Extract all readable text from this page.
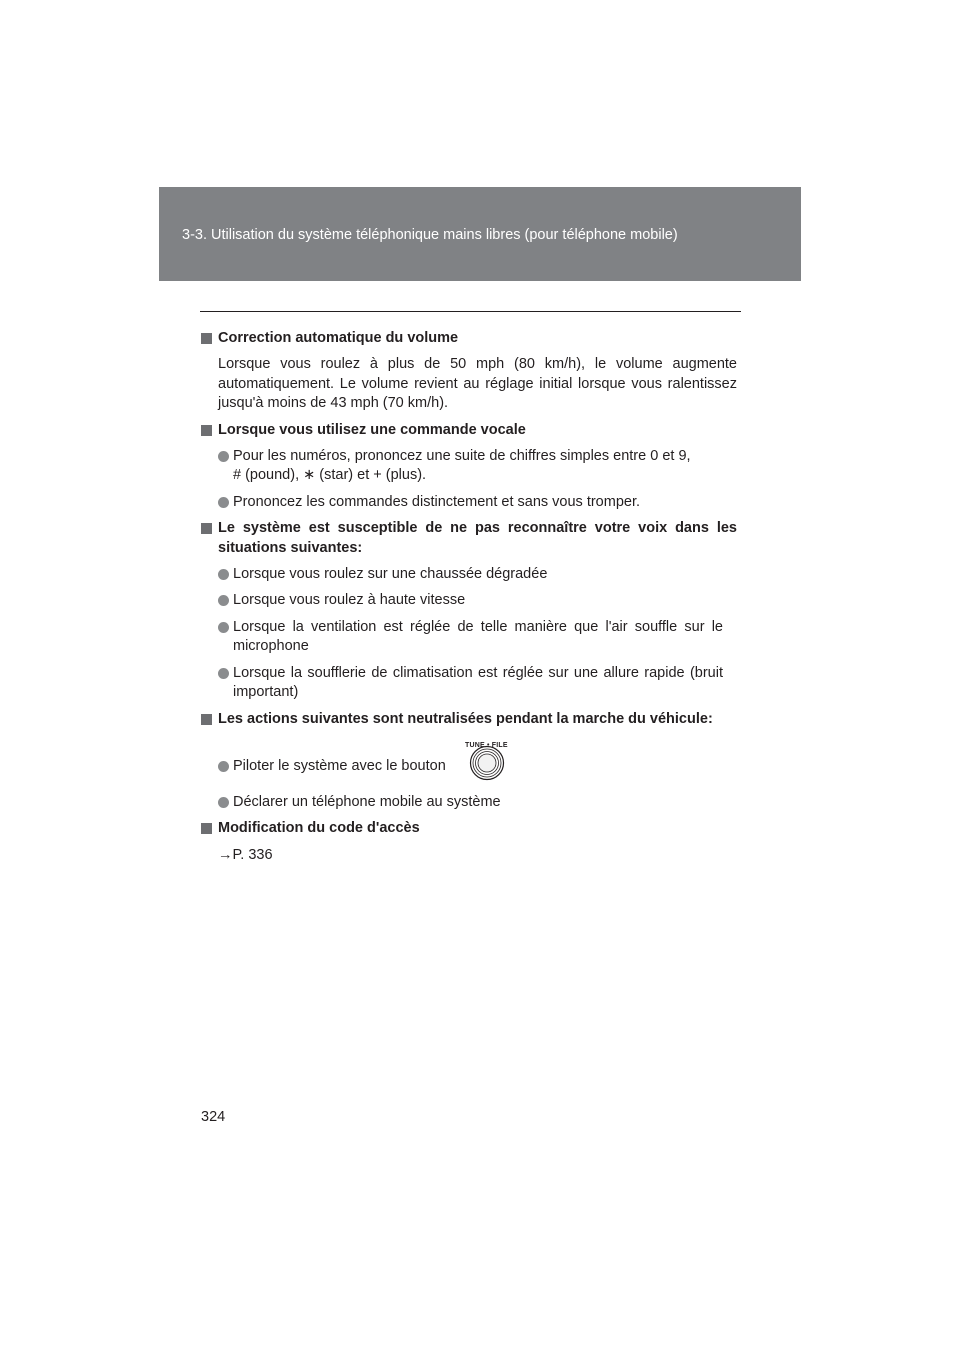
3-3. Utilisation du système téléphonique mains libres (pour téléphone mobile)
Correction automatique du volume
Lorsque vous roulez à plus de 50 mph (80 km/h), le volume augmente automatiquement. Le volume revient au réglage initial lorsque vous ralentissez jusqu'à moins de 43 mph (70 km/h).
Lorsque vous utilisez une commande vocale
Pour les numéros, prononcez une suite de chiffres simples entre 0 et 9,
# (pound), ∗ (star) et + (plus).
Prononcez les commandes distinctement et sans vous tromper.
Le système est susceptible de ne pas reconnaître votre voix dans les situations suivantes:
Lorsque vous roulez sur une chaussée dégradée
Lorsque vous roulez à haute vitesse
Lorsque la ventilation est réglée de telle manière que l'air souffle sur le microphone
Lorsque la soufflerie de climatisation est réglée sur une allure rapide (bruit important)
Les actions suivantes sont neutralisées pendant la marche du véhicule:
Piloter le système avec le bouton
TUNE • FILE
Déclarer un téléphone mobile au système
Modification du code d'accès
→P. 336
324
